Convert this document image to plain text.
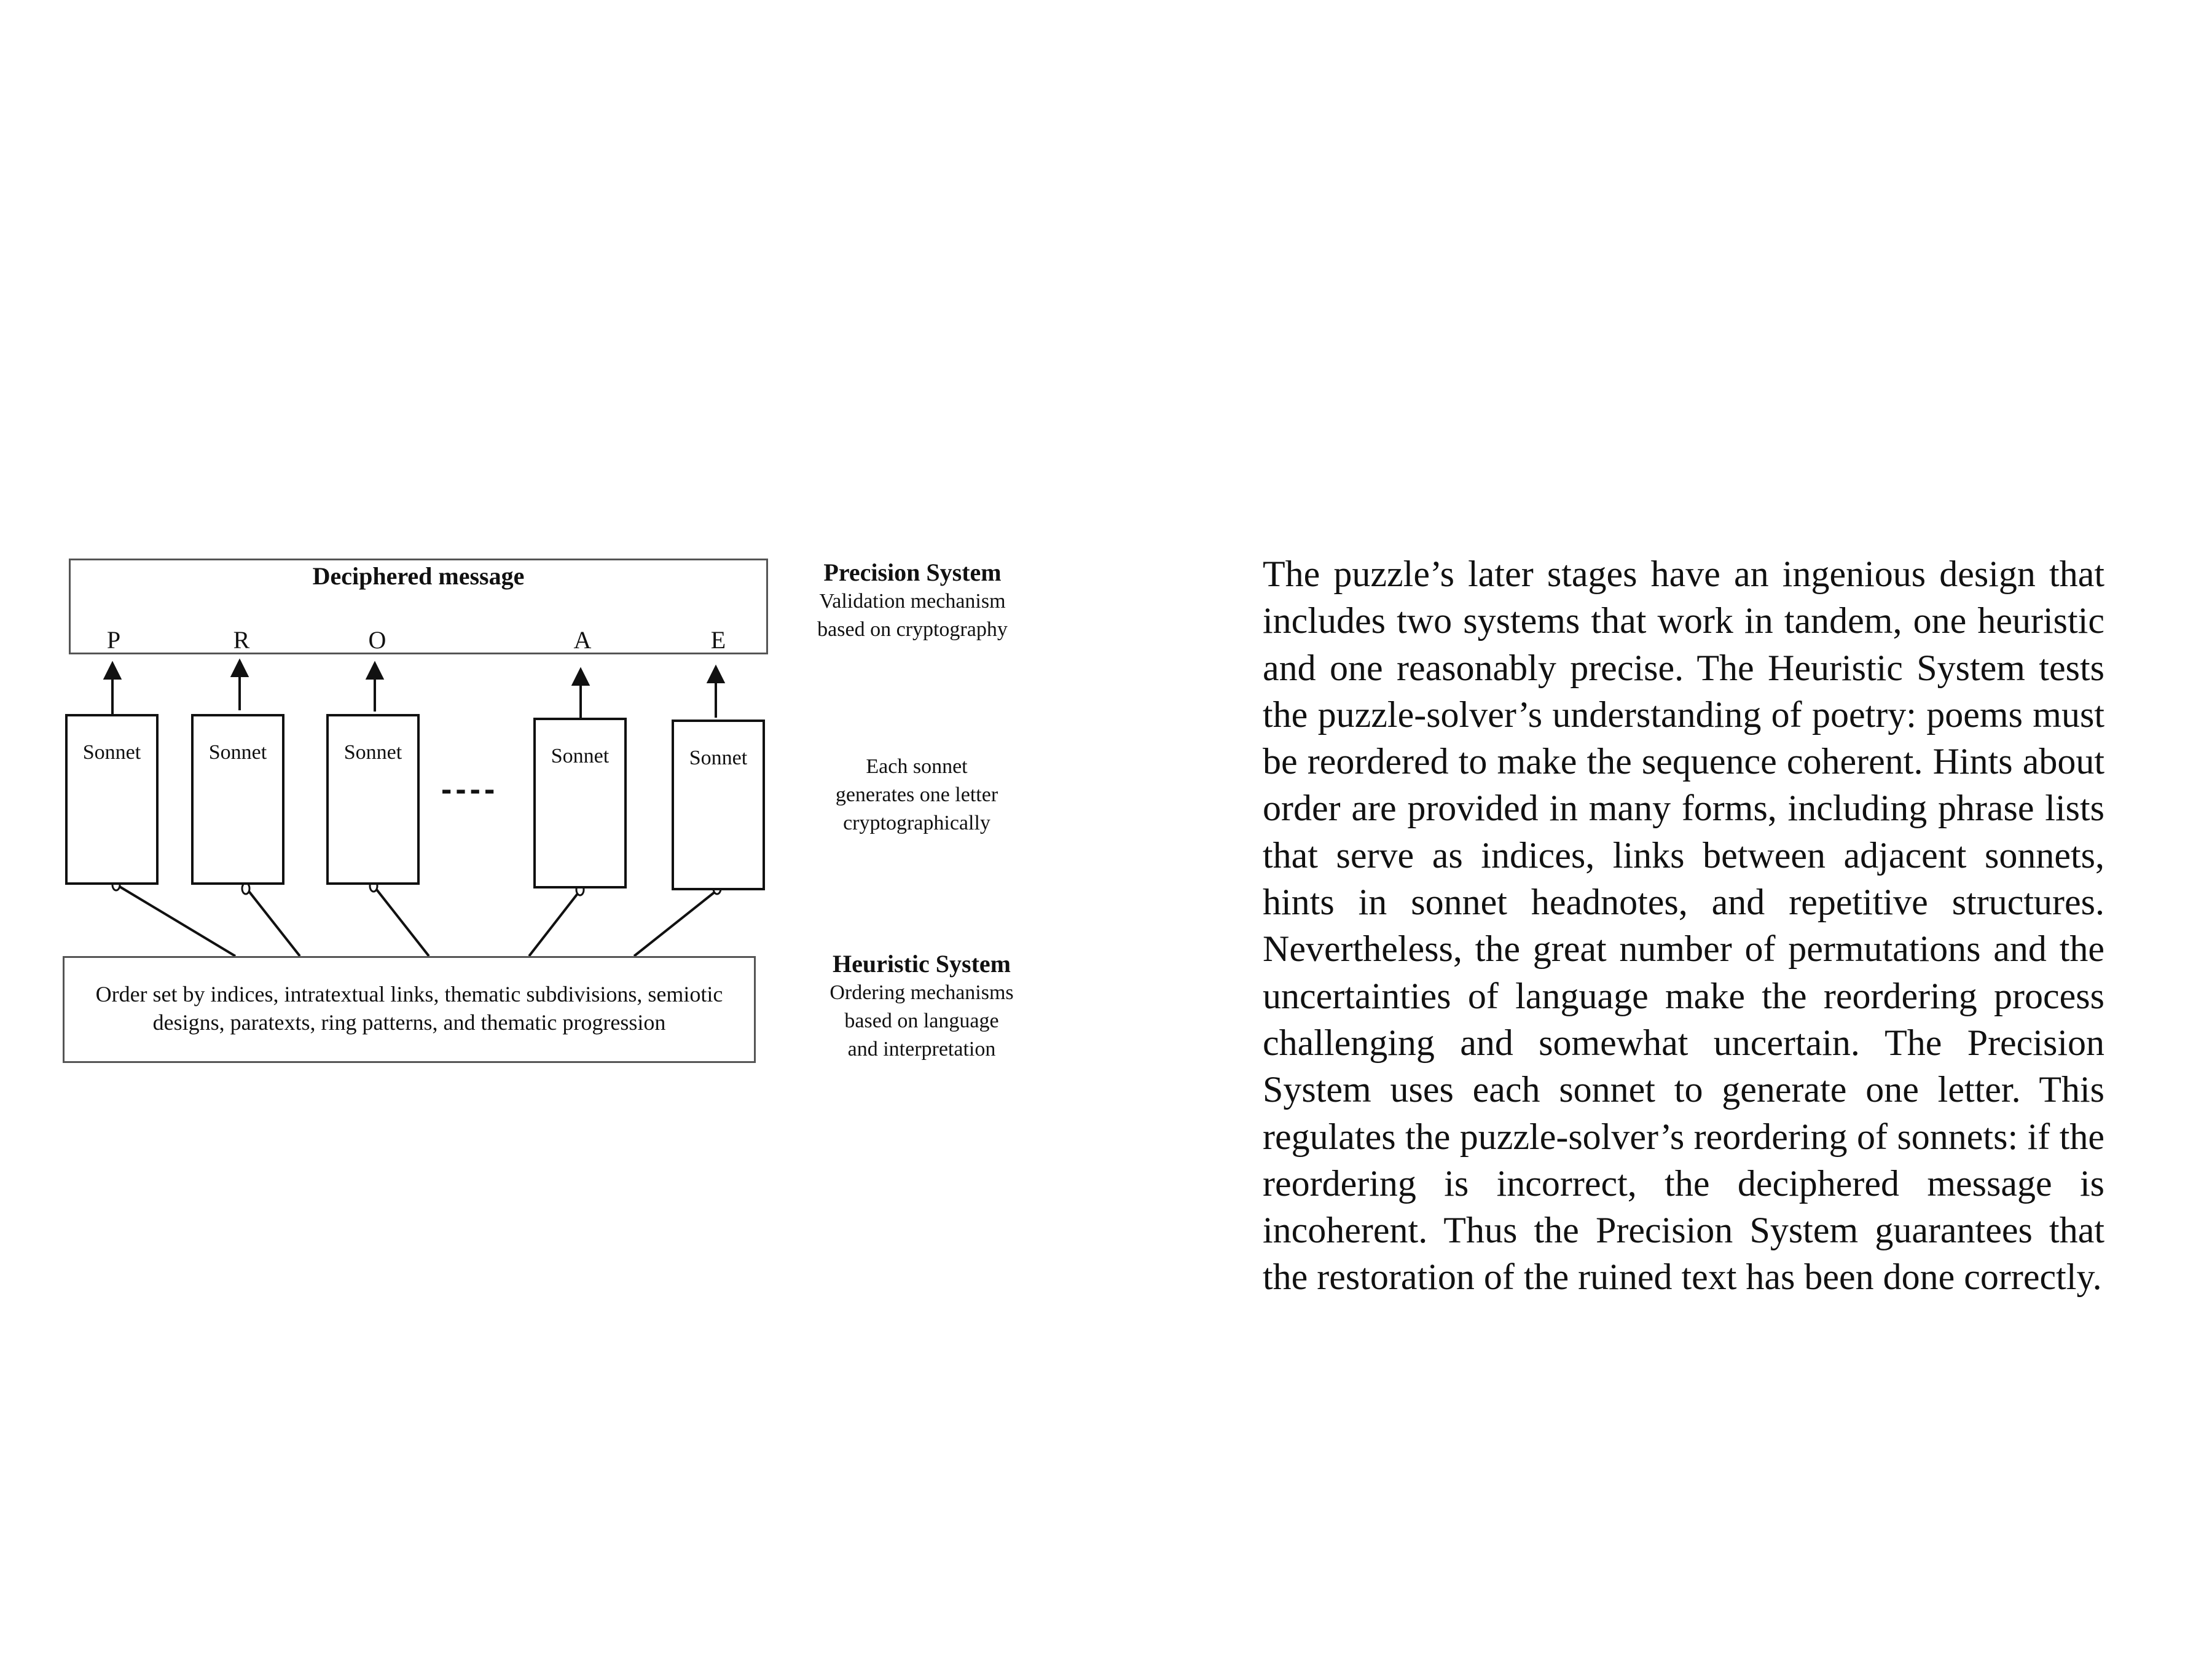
Deciphered message
P	R	O	A	E
Sonnet	Sonnet	Sonnet
----
Sonnet	Sonnet
Order set by indices, intratextual links, thematic subdivisions, semiotic
designs, paratexts, ring patterns, and thematic progression
Precision System
Validation mechanism
based on cryptography
Each sonnet
generates one letter
cryptographically
Heuristic System
Ordering mechanisms
based on language
and interpretation
The puzzle’s later stages have an ingenious design that includes two systems that work in tandem, one heuristic and one reasonably precise. The Heuristic System tests the puzzle-solver’s understanding of poetry: poems must be reordered to make the sequence coherent. Hints about order are provided in many forms, including phrase lists that serve as indices, links between adjacent sonnets, hints in sonnet headnotes, and repetitive structures. Nevertheless, the great number of permutations and the uncertainties of language make the reordering process challenging and somewhat uncertain. The Precision System uses each sonnet to generate one letter. This regulates the puzzle-solver’s reordering of sonnets: if the reordering is incorrect, the deciphered message is incoherent. Thus the Precision System guarantees that the restoration of the ruined text has been done correctly.
